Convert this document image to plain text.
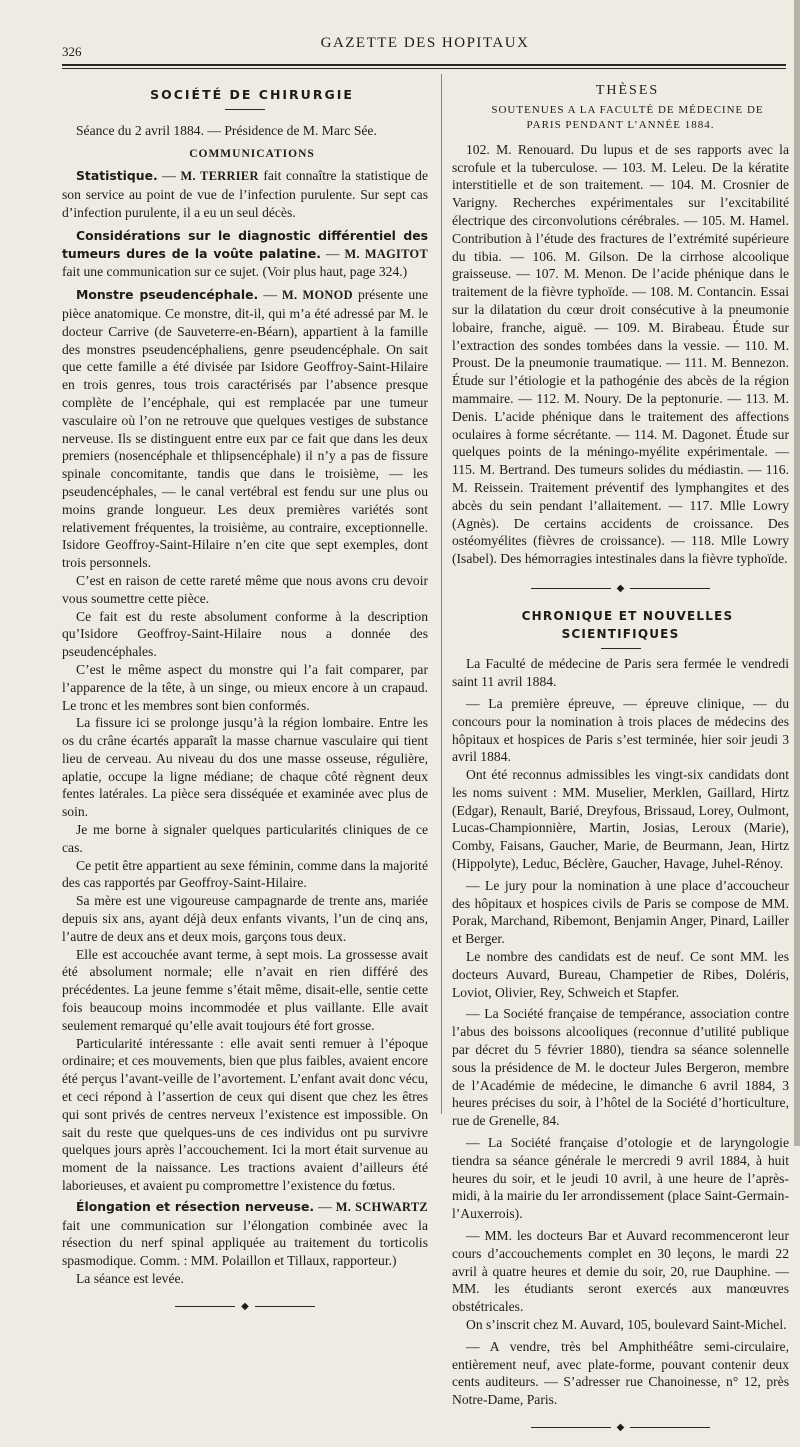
326
GAZETTE DES HOPITAUX

SOCIÉTÉ DE CHIRURGIE

Séance du 2 avril 1884. — Présidence de M. Marc Sée.

COMMUNICATIONS

Statistique. — M. TERRIER fait connaître la statistique de son service au point de vue de l’infection purulente. Sur sept cas d’infection purulente, il a eu un seul décès.

Considérations sur le diagnostic différentiel des tumeurs dures de la voûte palatine. — M. MAGITOT fait une communication sur ce sujet. (Voir plus haut, page 324.)

Monstre pseudencéphale. — M. MONOD présente une pièce anatomique. Ce monstre, dit-il, qui m’a été adressé par M. le docteur Carrive (de Sauveterre-en-Béarn), appartient à la famille des monstres pseudencéphaliens, genre pseudencéphale. On sait que cette famille a été divisée par Isidore Geoffroy-Saint-Hilaire en trois genres, tous trois caractérisés par l’absence presque complète de l’encéphale, qui est remplacée par une tumeur vasculaire où l’on ne retrouve que quelques vestiges de substance nerveuse. Ils se distinguent entre eux par ce fait que dans les deux premiers (nosencéphale et thlipsencéphale) il n’y a pas de fissure spinale concomitante, tandis que dans le troisième, — les pseudencéphales, — le canal vertébral est fendu sur une plus ou moins grande longueur. Les deux premières variétés sont relativement fréquentes, la troisième, au contraire, exceptionnelle. Isidore Geoffroy-Saint-Hilaire n’en cite que sept exemples, dont trois personnels.

C’est en raison de cette rareté même que nous avons cru devoir vous soumettre cette pièce.

Ce fait est du reste absolument conforme à la description qu’Isidore Geoffroy-Saint-Hilaire nous a donnée des pseudencéphales.

C’est le même aspect du monstre qui l’a fait comparer, par l’apparence de la tête, à un singe, ou mieux encore à un crapaud. Le tronc et les membres sont bien conformés.

La fissure ici se prolonge jusqu’à la région lombaire. Entre les os du crâne écartés apparaît la masse charnue vasculaire qui tient lieu de cerveau. Au niveau du dos une masse osseuse, régulière, aplatie, occupe la ligne médiane; de chaque côté règnent deux fentes latérales. La pièce sera disséquée et examinée avec plus de soin.

Je me borne à signaler quelques particularités cliniques de ce cas.

Ce petit être appartient au sexe féminin, comme dans la majorité des cas rapportés par Geoffroy-Saint-Hilaire.

Sa mère est une vigoureuse campagnarde de trente ans, mariée depuis six ans, ayant déjà deux enfants vivants, l’un de cinq ans, l’autre de deux ans et deux mois, garçons tous deux.

Elle est accouchée avant terme, à sept mois. La grossesse avait été absolument normale; elle n’avait en rien différé des précédentes. La jeune femme s’était même, disait-elle, sentie cette fois beaucoup moins incommodée et plus vaillante. Elle avait seulement remarqué qu’elle avait toujours été fort grosse.

Particularité intéressante : elle avait senti remuer à l’époque ordinaire; et ces mouvements, bien que plus faibles, avaient encore été perçus l’avant-veille de l’avortement. L’enfant avait donc vécu, et ceci répond à l’assertion de ceux qui disent que chez les êtres qui sont privés de centres nerveux l’existence est impossible. On sait du reste que quelques-uns de ces individus ont pu survivre quelques jours après l’accouchement. Ici la mort était survenue au moment de la naissance. Les tractions avaient d’ailleurs été laborieuses, et avaient pu compromettre l’existence du fœtus.

Élongation et résection nerveuse. — M. SCHWARTZ fait une communication sur l’élongation combinée avec la résection du nerf spinal appliquée au traitement du torticolis spasmodique. Comm. : MM. Polaillon et Tillaux, rapporteur.)

La séance est levée.

◆

THÈSES

SOUTENUES A LA FACULTÉ DE MÉDECINE DE PARIS PENDANT L’ANNÉE 1884.

102. M. Renouard. Du lupus et de ses rapports avec la scrofule et la tuberculose. — 103. M. Leleu. De la kératite interstitielle et de son traitement. — 104. M. Crosnier de Varigny. Recherches expérimentales sur l’excitabilité électrique des circonvolutions cérébrales. — 105. M. Hamel. Contribution à l’étude des fractures de l’extrémité supérieure du tibia. — 106. M. Gilson. De la cirrhose alcoolique graisseuse. — 107. M. Menon. De l’acide phénique dans le traitement de la fièvre typhoïde. — 108. M. Contancin. Essai sur la dilatation du cœur droit consécutive à la pneumonie lobaire, franche, aiguë. — 109. M. Birabeau. Étude sur l’extraction des sondes tombées dans la vessie. — 110. M. Proust. De la pneumonie traumatique. — 111. M. Bennezon. Étude sur l’étiologie et la pathogénie des abcès de la région mammaire. — 112. M. Noury. De la peptonurie. — 113. M. Denis. L’acide phénique dans le traitement des affections oculaires à forme sécrétante. — 114. M. Dagonet. Étude sur quelques points de la méningo-myélite expérimentale. — 115. M. Bertrand. Des tumeurs solides du médiastin. — 116. M. Reissein. Traitement préventif des lymphangites et des abcès du sein pendant l’allaitement. — 117. Mlle Lowry (Agnès). De certains accidents de croissance. Des ostéomyélites (fièvres de croissance). — 118. Mlle Lowry (Isabel). Des hémorragies intestinales dans la fièvre typhoïde.

◆

CHRONIQUE ET NOUVELLES SCIENTIFIQUES

La Faculté de médecine de Paris sera fermée le vendredi saint 11 avril 1884.

— La première épreuve, — épreuve clinique, — du concours pour la nomination à trois places de médecins des hôpitaux et hospices de Paris s’est terminée, hier soir jeudi 3 avril 1884.

Ont été reconnus admissibles les vingt-six candidats dont les noms suivent : MM. Muselier, Merklen, Gaillard, Hirtz (Edgar), Renault, Barié, Dreyfous, Brissaud, Lorey, Oulmont, Lucas-Championnière, Martin, Josias, Leroux (Marie), Comby, Faisans, Gaucher, Marie, de Beurmann, Jean, Hirtz (Hippolyte), Leduc, Béclère, Gaucher, Havage, Juhel-Rénoy.

— Le jury pour la nomination à une place d’accoucheur des hôpitaux et hospices civils de Paris se compose de MM. Porak, Marchand, Ribemont, Benjamin Anger, Pinard, Lailler et Berger.

Le nombre des candidats est de neuf. Ce sont MM. les docteurs Auvard, Bureau, Champetier de Ribes, Doléris, Loviot, Olivier, Rey, Schweich et Stapfer.

— La Société française de tempérance, association contre l’abus des boissons alcooliques (reconnue d’utilité publique par décret du 5 février 1880), tiendra sa séance solennelle sous la présidence de M. le docteur Jules Bergeron, membre de l’Académie de médecine, le dimanche 6 avril 1884, 3 heures précises du soir, à l’hôtel de la Société d’horticulture, rue de Grenelle, 84.

— La Société française d’otologie et de laryngologie tiendra sa séance générale le mercredi 9 avril 1884, à huit heures du soir, et le jeudi 10 avril, à une heure de l’après-midi, à la mairie du Ier arrondissement (place Saint-Germain-l’Auxerrois).

— MM. les docteurs Bar et Auvard recommenceront leur cours d’accouchements complet en 30 leçons, le mardi 22 avril à quatre heures et demie du soir, 20, rue Dauphine. — MM. les étudiants seront exercés aux manœuvres obstétricales.

On s’inscrit chez M. Auvard, 105, boulevard Saint-Michel.

— A vendre, très bel Amphithéâtre semi-circulaire, entièrement neuf, avec plate-forme, pouvant contenir deux cents auditeurs. — S’adresser rue Chanoinesse, n° 12, près Notre-Dame, Paris.

◆
